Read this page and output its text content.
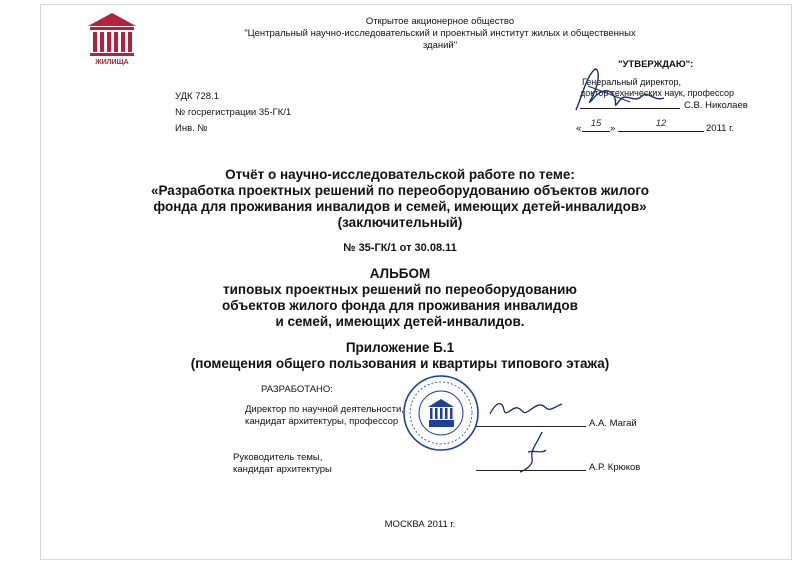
ЖИЛИЩА
Открытое акционерное общество
"Центральный научно-исследовательский и проектный институт жилых и общественных зданий"
УДК 728.1
№ госрегистрации 35-ГК/1
Инв. №
"УТВЕРЖДАЮ":
Генеральный директор,
доктор технических наук, профессор
С.В. Николаев
« 15 »	12	2011 г.
Отчёт о научно-исследовательской работе по теме:
«Разработка проектных решений по переоборудованию объектов жилого
фонда для проживания инвалидов и семей, имеющих детей-инвалидов»
(заключительный)
№ 35-ГК/1 от 30.08.11
АЛЬБОМ
типовых проектных решений по переоборудованию
объектов жилого фонда для проживания инвалидов
и семей, имеющих детей-инвалидов.
Приложение Б.1
(помещения общего пользования и квартиры типового этажа)
РАЗРАБОТАНО:
Директор по научной деятельности,
кандидат архитектуры, профессор	А.А. Магай
Руководитель темы,
кандидат архитектуры	А.Р. Крюков
МОСКВА 2011 г.
